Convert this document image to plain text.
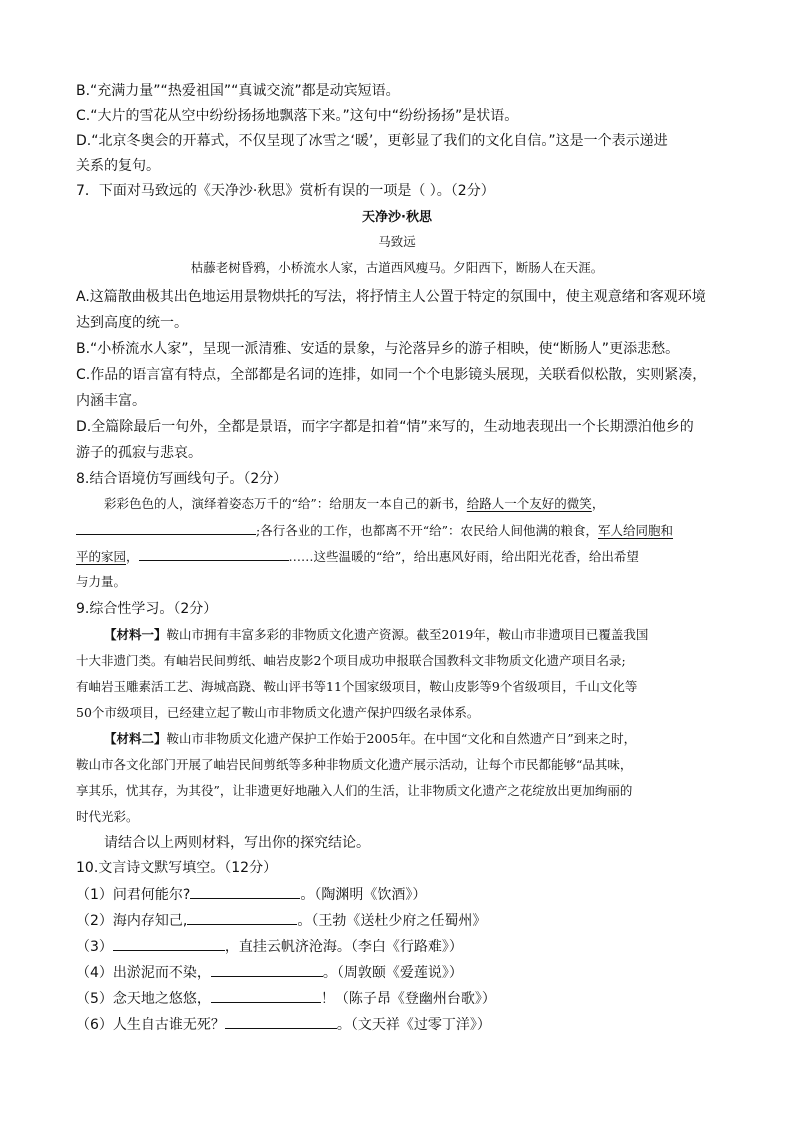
B.“充满力量”“热爱祖国”“真诚交流”都是动宾短语。
C.“大片的雪花从空中纷纷扬扬地飘落下来。”这句中“纷纷扬扬”是状语。
D.“北京冬奥会的开幕式，不仅呈现了冰雪之‘暖’，更彰显了我们的文化自信。”这是一个表示递进
关系的复句。
7．下面对马致远的《天净沙·秋思》赏析有误的一项是（ ）。（2分）
天净沙·秋思
马致远
枯藤老树昏鸦，小桥流水人家，古道西风瘦马。夕阳西下，断肠人在天涯。
A.这篇散曲极其出色地运用景物烘托的写法，将抒情主人公置于特定的氛围中，使主观意绪和客观环境
达到高度的统一。
B.“小桥流水人家”，呈现一派清雅、安适的景象，与沦落异乡的游子相映，使“断肠人”更添悲愁。
C.作品的语言富有特点，全部都是名词的连排，如同一个个电影镜头展现，关联看似松散，实则紧凑，
内涵丰富。
D.全篇除最后一句外，全都是景语，而字字都是扣着“情”来写的，生动地表现出一个长期漂泊他乡的
游子的孤寂与悲哀。
8.结合语境仿写画线句子。（2分）
彩彩色色的人，演绎着姿态万千的“给”：给朋友一本自己的新书，给路人一个友好的微笑，
;各行各业的工作，也都离不开“给”：农民给人间他满的粮食，军人给同胞和
平的家园，	……这些温暖的“给”，给出惠风好雨，给出阳光花香，给出希望
与力量。
9.综合性学习。（2分）
【材料一】鞍山市拥有丰富多彩的非物质文化遗产资源。截至2019年，鞍山市非遗项目已覆盖我国
十大非遗门类。有岫岩民间剪纸、岫岩皮影2个项目成功申报联合国教科文非物质文化遗产项目名录;
有岫岩玉雕素活工艺、海城高跷、鞍山评书等11个国家级项目，鞍山皮影等9个省级项目，千山文化等
50个市级项目，已经建立起了鞍山市非物质文化遗产保护四级名录体系。
【材料二】鞍山市非物质文化遗产保护工作始于2005年。在中国“文化和自然遗产日”到来之时，
鞍山市各文化部门开展了岫岩民间剪纸等多种非物质文化遗产展示活动，让每个市民都能够“品其味，
享其乐，忧其存，为其役”，让非遗更好地融入人们的生活，让非物质文化遗产之花绽放出更加绚丽的
时代光彩。
请结合以上两则材料，写出你的探究结论。
10.文言诗文默写填空。（12分）
（1）问君何能尔?	。（陶渊明《饮酒》）
（2）海内存知己,	。（王勃《送杜少府之任蜀州》
（3）	，直挂云帆济沧海。（李白《行路难》）
（4）出淤泥而不染，	。（周敦颐《爱莲说》）
（5）念天地之悠悠，	！（陈子昂《登幽州台歌》）
（6）人生自古谁无死？	。（文天祥《过零丁洋》）
